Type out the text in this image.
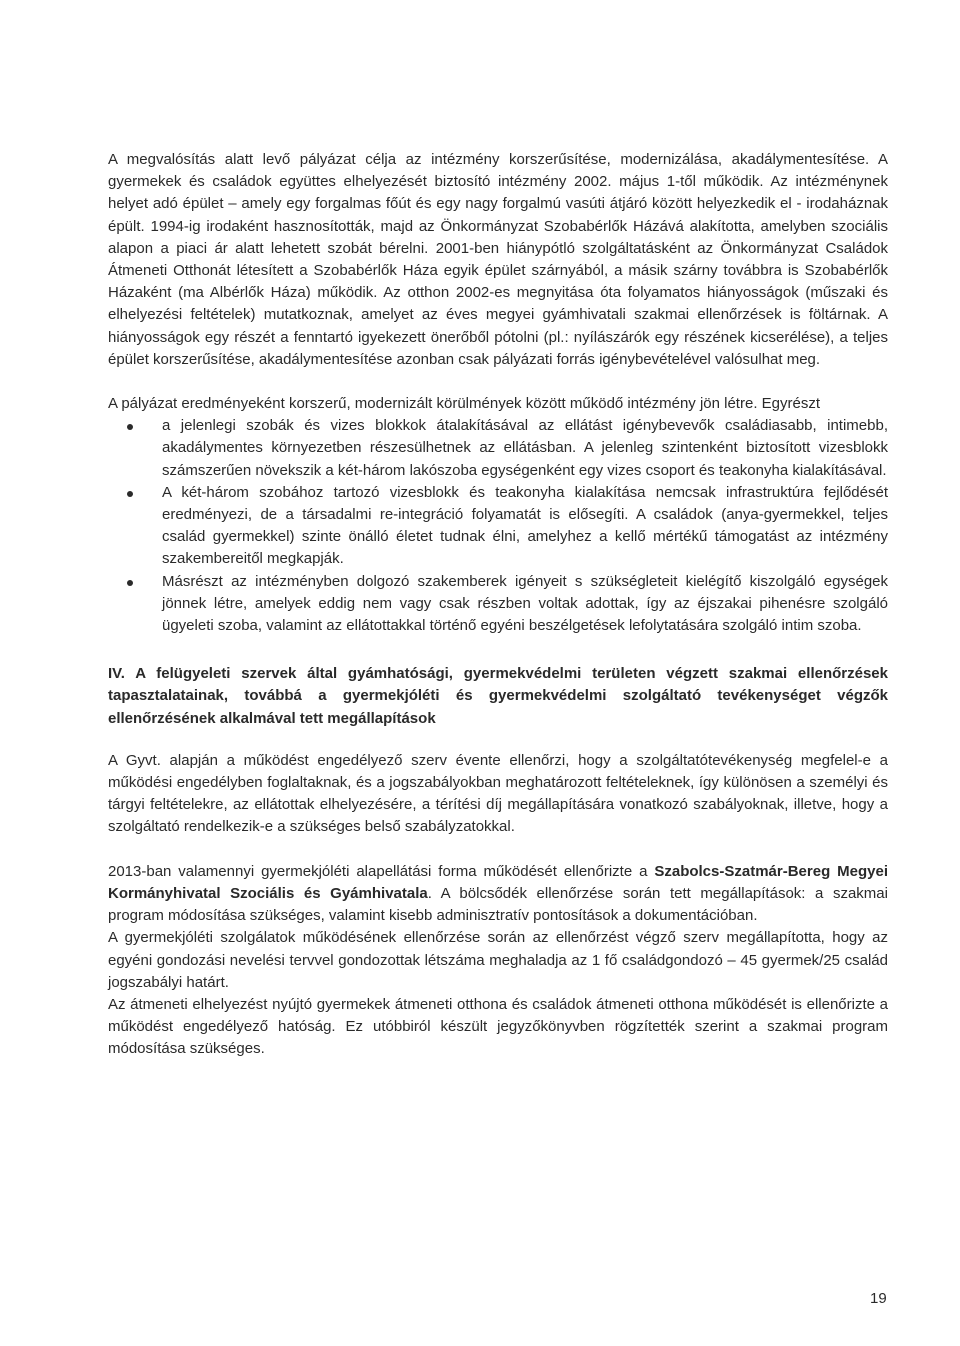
A megvalósítás alatt levő pályázat célja az intézmény korszerűsítése, modernizálása, akadálymentesítése. A gyermekek és családok együttes elhelyezését biztosító intézmény 2002. május 1-től működik. Az intézménynek helyet adó épület – amely egy forgalmas főút és egy nagy forgalmú vasúti átjáró között helyezkedik el - irodaháznak épült. 1994-ig irodaként hasznosították, majd az Önkormányzat Szobabérlők Házává alakította, amelyben szociális alapon a piaci ár alatt lehetett szobát bérelni. 2001-ben hiánypótló szolgáltatásként az Önkormányzat Családok Átmeneti Otthonát létesített a Szobabérlők Háza egyik épület szárnyából, a másik szárny továbbra is Szobabérlők Házaként (ma Albérlők Háza) működik. Az otthon 2002-es megnyitása óta folyamatos hiányosságok (műszaki és elhelyezési feltételek) mutatkoznak, amelyet az éves megyei gyámhivatali szakmai ellenőrzések is föltárnak. A hiányosságok egy részét a fenntartó igyekezett önerőből pótolni (pl.: nyílászárók egy részének kicserélése), a teljes épület korszerűsítése, akadálymentesítése azonban csak pályázati forrás igénybevételével valósulhat meg.

A pályázat eredményeként korszerű, modernizált körülmények között működő intézmény jön létre. Egyrészt

a jelenlegi szobák és vizes blokkok átalakításával az ellátást igénybevevők családiasabb, intimebb, akadálymentes környezetben részesülhetnek az ellátásban. A jelenleg szintenként biztosított vizesblokk számszerűen növekszik a két-három lakószoba egységenként egy vizes csoport és teakonyha kialakításával.
A két-három szobához tartozó vizesblokk és teakonyha kialakítása nemcsak infrastruktúra fejlődését eredményezi, de a társadalmi re-integráció folyamatát is elősegíti. A családok (anya-gyermekkel, teljes család gyermekkel) szinte önálló életet tudnak élni, amelyhez a kellő mértékű támogatást az intézmény szakembereitől megkapják.
Másrészt az intézményben dolgozó szakemberek igényeit s szükségleteit kielégítő kiszolgáló egységek jönnek létre, amelyek eddig nem vagy csak részben voltak adottak, így az éjszakai pihenésre szolgáló ügyeleti szoba, valamint az ellátottakkal történő egyéni beszélgetések lefolytatására szolgáló intim szoba.
IV. A felügyeleti szervek által gyámhatósági, gyermekvédelmi területen végzett szakmai ellenőrzések tapasztalatainak, továbbá a gyermekjóléti és gyermekvédelmi szolgáltató tevékenységet végzők ellenőrzésének alkalmával tett megállapítások

A Gyvt. alapján a működést engedélyező szerv évente ellenőrzi, hogy a szolgáltatótevékenység megfelel-e a működési engedélyben foglaltaknak, és a jogszabályokban meghatározott feltételeknek, így különösen a személyi és tárgyi feltételekre, az ellátottak elhelyezésére, a térítési díj megállapítására vonatkozó szabályoknak, illetve, hogy a szolgáltató rendelkezik-e a szükséges belső szabályzatokkal.

2013-ban valamennyi gyermekjóléti alapellátási forma működését ellenőrizte a Szabolcs-Szatmár-Bereg Megyei Kormányhivatal Szociális és Gyámhivatala. A bölcsődék ellenőrzése során tett megállapítások: a szakmai program módosítása szükséges, valamint kisebb adminisztratív pontosítások a dokumentációban.

A gyermekjóléti szolgálatok működésének ellenőrzése során az ellenőrzést végző szerv megállapította, hogy az egyéni gondozási nevelési tervvel gondozottak létszáma meghaladja az 1 fő családgondozó – 45 gyermek/25 család jogszabályi határt.

Az átmeneti elhelyezést nyújtó gyermekek átmeneti otthona és családok átmeneti otthona működését is ellenőrizte a működést engedélyező hatóság. Ez utóbbiról készült jegyzőkönyvben rögzítették szerint a szakmai program módosítása szükséges.

19
